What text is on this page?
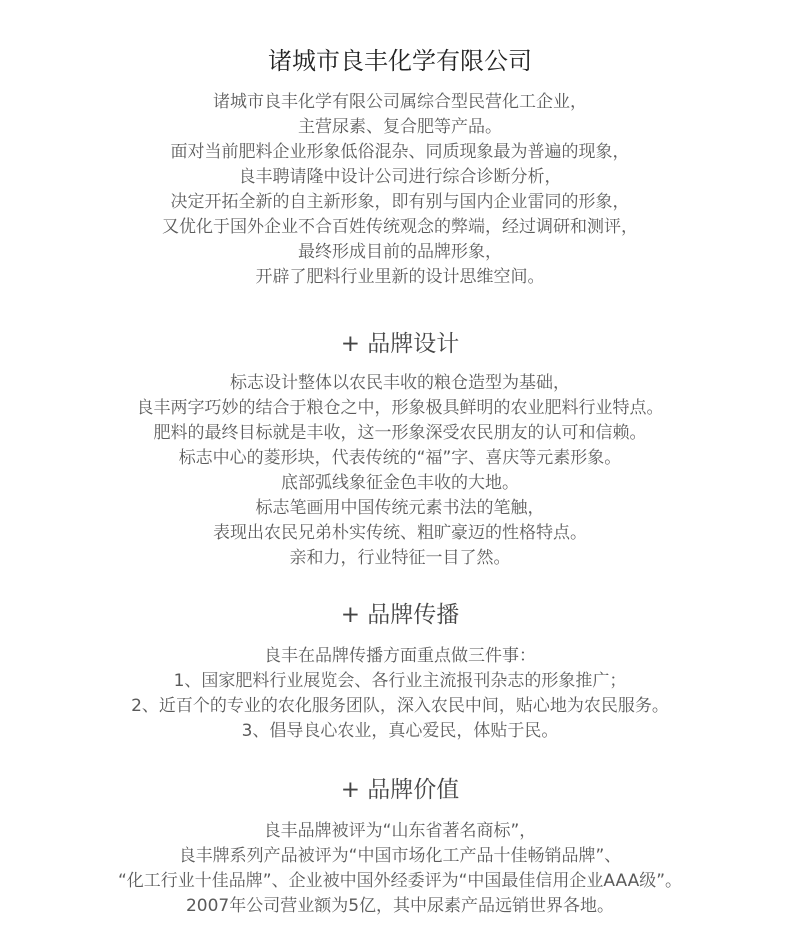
诸城市良丰化学有限公司
诸城市良丰化学有限公司属综合型民营化工企业，
主营尿素、复合肥等产品。
面对当前肥料企业形象低俗混杂、同质现象最为普遍的现象，
良丰聘请隆中设计公司进行综合诊断分析，
决定开拓全新的自主新形象，即有别与国内企业雷同的形象，
又优化于国外企业不合百姓传统观念的弊端，经过调研和测评，
最终形成目前的品牌形象，
开辟了肥料行业里新的设计思维空间。
+ 品牌设计
标志设计整体以农民丰收的粮仓造型为基础，
良丰两字巧妙的结合于粮仓之中，形象极具鲜明的农业肥料行业特点。
肥料的最终目标就是丰收，这一形象深受农民朋友的认可和信赖。
标志中心的菱形块，代表传统的“福”字、喜庆等元素形象。
底部弧线象征金色丰收的大地。
标志笔画用中国传统元素书法的笔触，
表现出农民兄弟朴实传统、粗旷豪迈的性格特点。
亲和力，行业特征一目了然。
+ 品牌传播
良丰在品牌传播方面重点做三件事：
1、国家肥料行业展览会、各行业主流报刊杂志的形象推广；
2、近百个的专业的农化服务团队，深入农民中间，贴心地为农民服务。
3、倡导良心农业，真心爱民，体贴于民。
+ 品牌价值
良丰品牌被评为“山东省著名商标”，
良丰牌系列产品被评为“中国市场化工产品十佳畅销品牌”、
“化工行业十佳品牌”、企业被中国外经委评为“中国最佳信用企业AAA级”。
2007年公司营业额为5亿，其中尿素产品远销世界各地。
